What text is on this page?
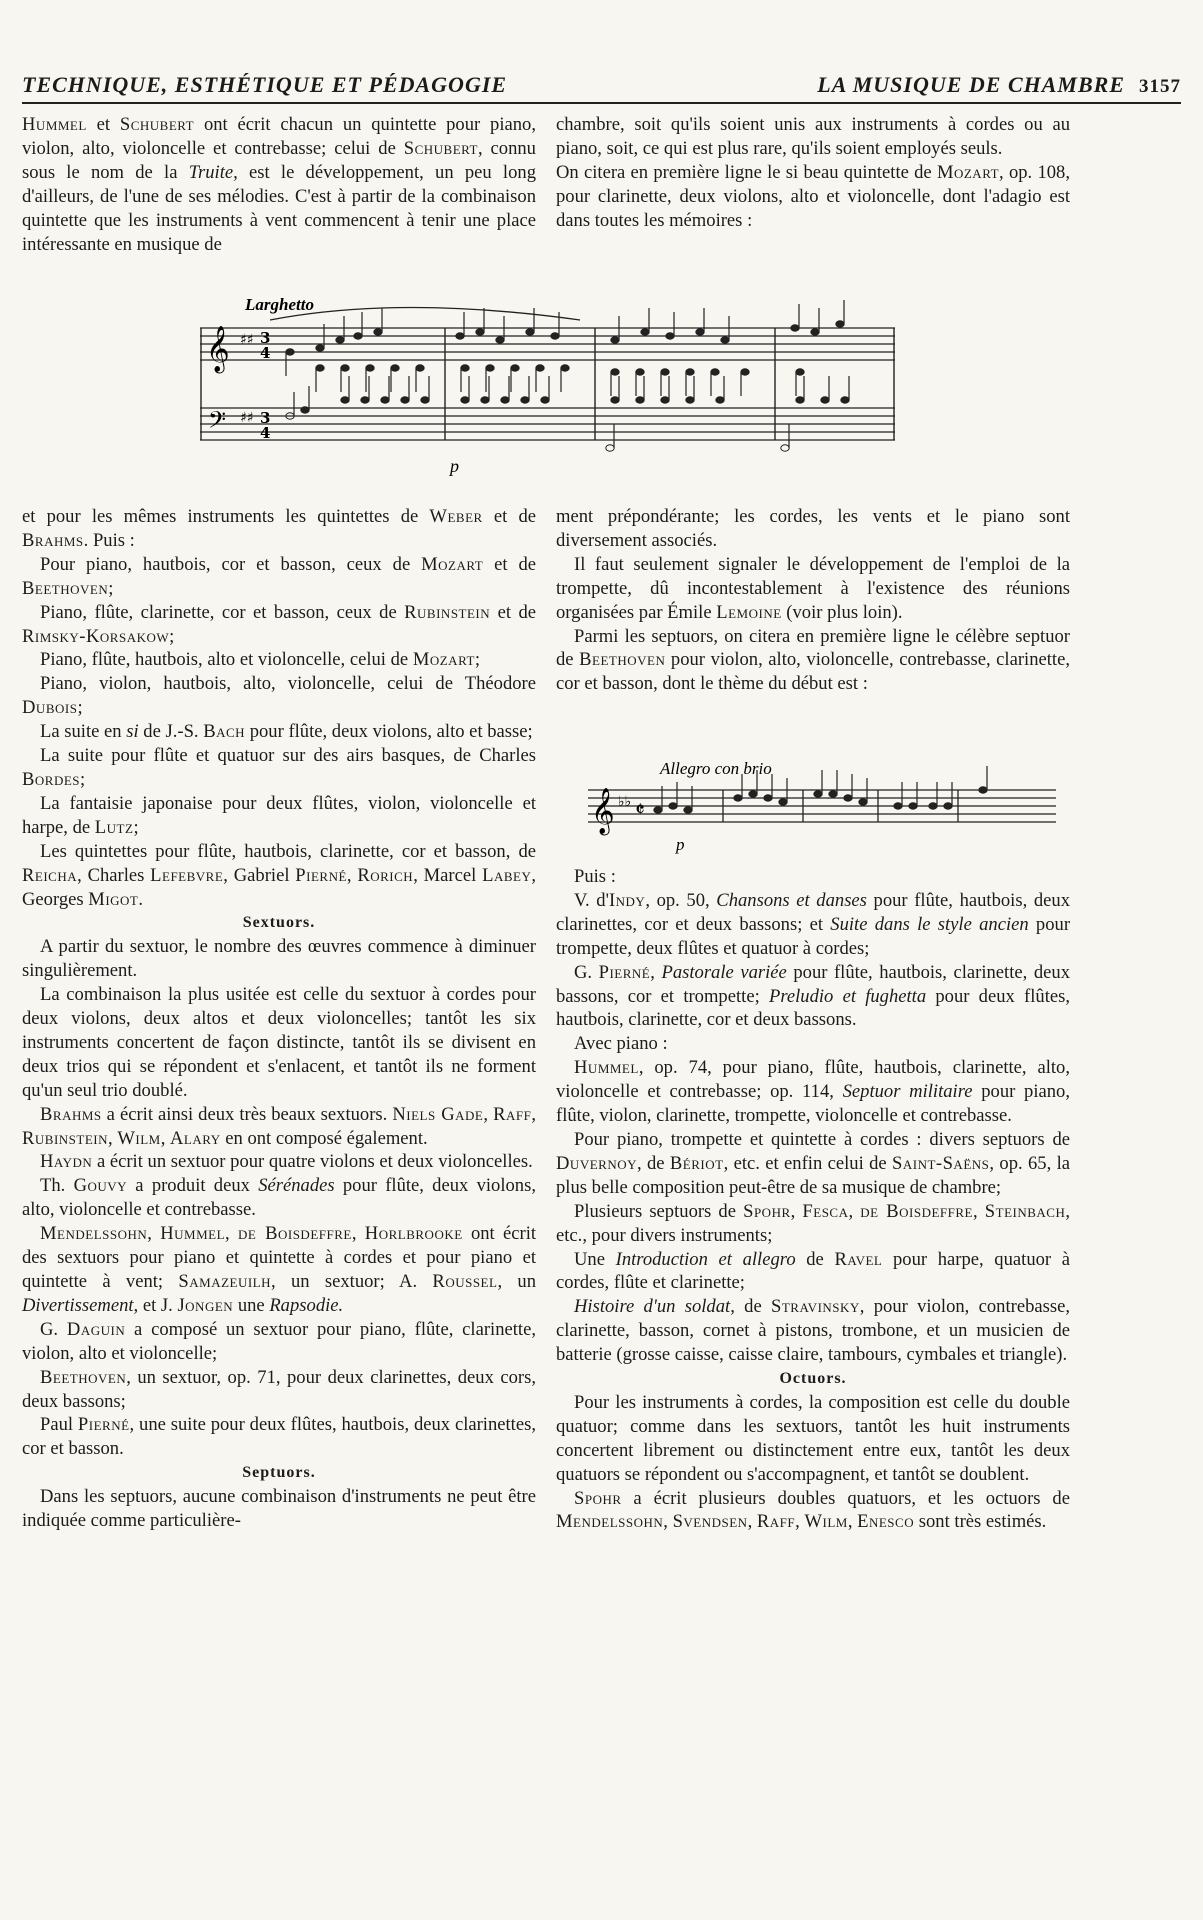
TECHNIQUE, ESTHÉTIQUE ET PÉDAGOGIE	LA MUSIQUE DE CHAMBRE 3157

Hummel et Schubert ont écrit chacun un quintette pour piano, violon, alto, violoncelle et contrebasse; celui de Schubert, connu sous le nom de la Truite, est le développement, un peu long d'ailleurs, de l'une de ses mélodies. C'est à partir de la combinaison quintette que les instruments à vent commencent à tenir une place intéressante en musique de

chambre, soit qu'ils soient unis aux instruments à cordes ou au piano, soit, ce qui est plus rare, qu'ils soient employés seuls.

On citera en première ligne le si beau quintette de Mozart, op. 108, pour clarinette, deux violons, alto et violoncelle, dont l'adagio est dans toutes les mémoires :

Larghetto
𝄞
𝄢
♯♯
♯♯
3
4
3
4
p

et pour les mêmes instruments les quintettes de Weber et de Brahms. Puis :

Pour piano, hautbois, cor et basson, ceux de Mozart et de Beethoven;

Piano, flûte, clarinette, cor et basson, ceux de Rubinstein et de Rimsky-Korsakow;

Piano, flûte, hautbois, alto et violoncelle, celui de Mozart;

Piano, violon, hautbois, alto, violoncelle, celui de Théodore Dubois;

La suite en si de J.-S. Bach pour flûte, deux violons, alto et basse;

La suite pour flûte et quatuor sur des airs basques, de Charles Bordes;

La fantaisie japonaise pour deux flûtes, violon, violoncelle et harpe, de Lutz;

Les quintettes pour flûte, hautbois, clarinette, cor et basson, de Reicha, Charles Lefebvre, Gabriel Pierné, Rorich, Marcel Labey, Georges Migot.

Sextuors.

A partir du sextuor, le nombre des œuvres commence à diminuer singulièrement.

La combinaison la plus usitée est celle du sextuor à cordes pour deux violons, deux altos et deux violoncelles; tantôt les six instruments concertent de façon distincte, tantôt ils se divisent en deux trios qui se répondent et s'enlacent, et tantôt ils ne forment qu'un seul trio doublé.

Brahms a écrit ainsi deux très beaux sextuors. Niels Gade, Raff, Rubinstein, Wilm, Alary en ont composé également.

Haydn a écrit un sextuor pour quatre violons et deux violoncelles.

Th. Gouvy a produit deux Sérénades pour flûte, deux violons, alto, violoncelle et contrebasse.

Mendelssohn, Hummel, de Boisdeffre, Horlbrooke ont écrit des sextuors pour piano et quintette à cordes et pour piano et quintette à vent; Samazeuilh, un sextuor; A. Roussel, un Divertissement, et J. Jongen une Rapsodie.

G. Daguin a composé un sextuor pour piano, flûte, clarinette, violon, alto et violoncelle;

Beethoven, un sextuor, op. 71, pour deux clarinettes, deux cors, deux bassons;

Paul Pierné, une suite pour deux flûtes, hautbois, deux clarinettes, cor et basson.

Septuors.

Dans les septuors, aucune combinaison d'instruments ne peut être indiquée comme particulière-

ment prépondérante; les cordes, les vents et le piano sont diversement associés.

Il faut seulement signaler le développement de l'emploi de la trompette, dû incontestablement à l'existence des réunions organisées par Émile Lemoine (voir plus loin).

Parmi les septuors, on citera en première ligne le célèbre septuor de Beethoven pour violon, alto, violoncelle, contrebasse, clarinette, cor et basson, dont le thème du début est :

Allegro con brio
𝄞 ♭♭ 𝄵
p

Puis :

V. d'Indy, op. 50, Chansons et danses pour flûte, hautbois, deux clarinettes, cor et deux bassons; et Suite dans le style ancien pour trompette, deux flûtes et quatuor à cordes;

G. Pierné, Pastorale variée pour flûte, hautbois, clarinette, deux bassons, cor et trompette; Preludio et fughetta pour deux flûtes, hautbois, clarinette, cor et deux bassons.

Avec piano :

Hummel, op. 74, pour piano, flûte, hautbois, clarinette, alto, violoncelle et contrebasse; op. 114, Septuor militaire pour piano, flûte, violon, clarinette, trompette, violoncelle et contrebasse.

Pour piano, trompette et quintette à cordes : divers septuors de Duvernoy, de Bériot, etc. et enfin celui de Saint-Saëns, op. 65, la plus belle composition peut-être de sa musique de chambre;

Plusieurs septuors de Spohr, Fesca, de Boisdeffre, Steinbach, etc., pour divers instruments;

Une Introduction et allegro de Ravel pour harpe, quatuor à cordes, flûte et clarinette;

Histoire d'un soldat, de Stravinsky, pour violon, contrebasse, clarinette, basson, cornet à pistons, trombone, et un musicien de batterie (grosse caisse, caisse claire, tambours, cymbales et triangle).

Octuors.

Pour les instruments à cordes, la composition est celle du double quatuor; comme dans les sextuors, tantôt les huit instruments concertent librement ou distinctement entre eux, tantôt les deux quatuors se répondent ou s'accompagnent, et tantôt se doublent.

Spohr a écrit plusieurs doubles quatuors, et les octuors de Mendelssohn, Svendsen, Raff, Wilm, Enesco sont très estimés.
